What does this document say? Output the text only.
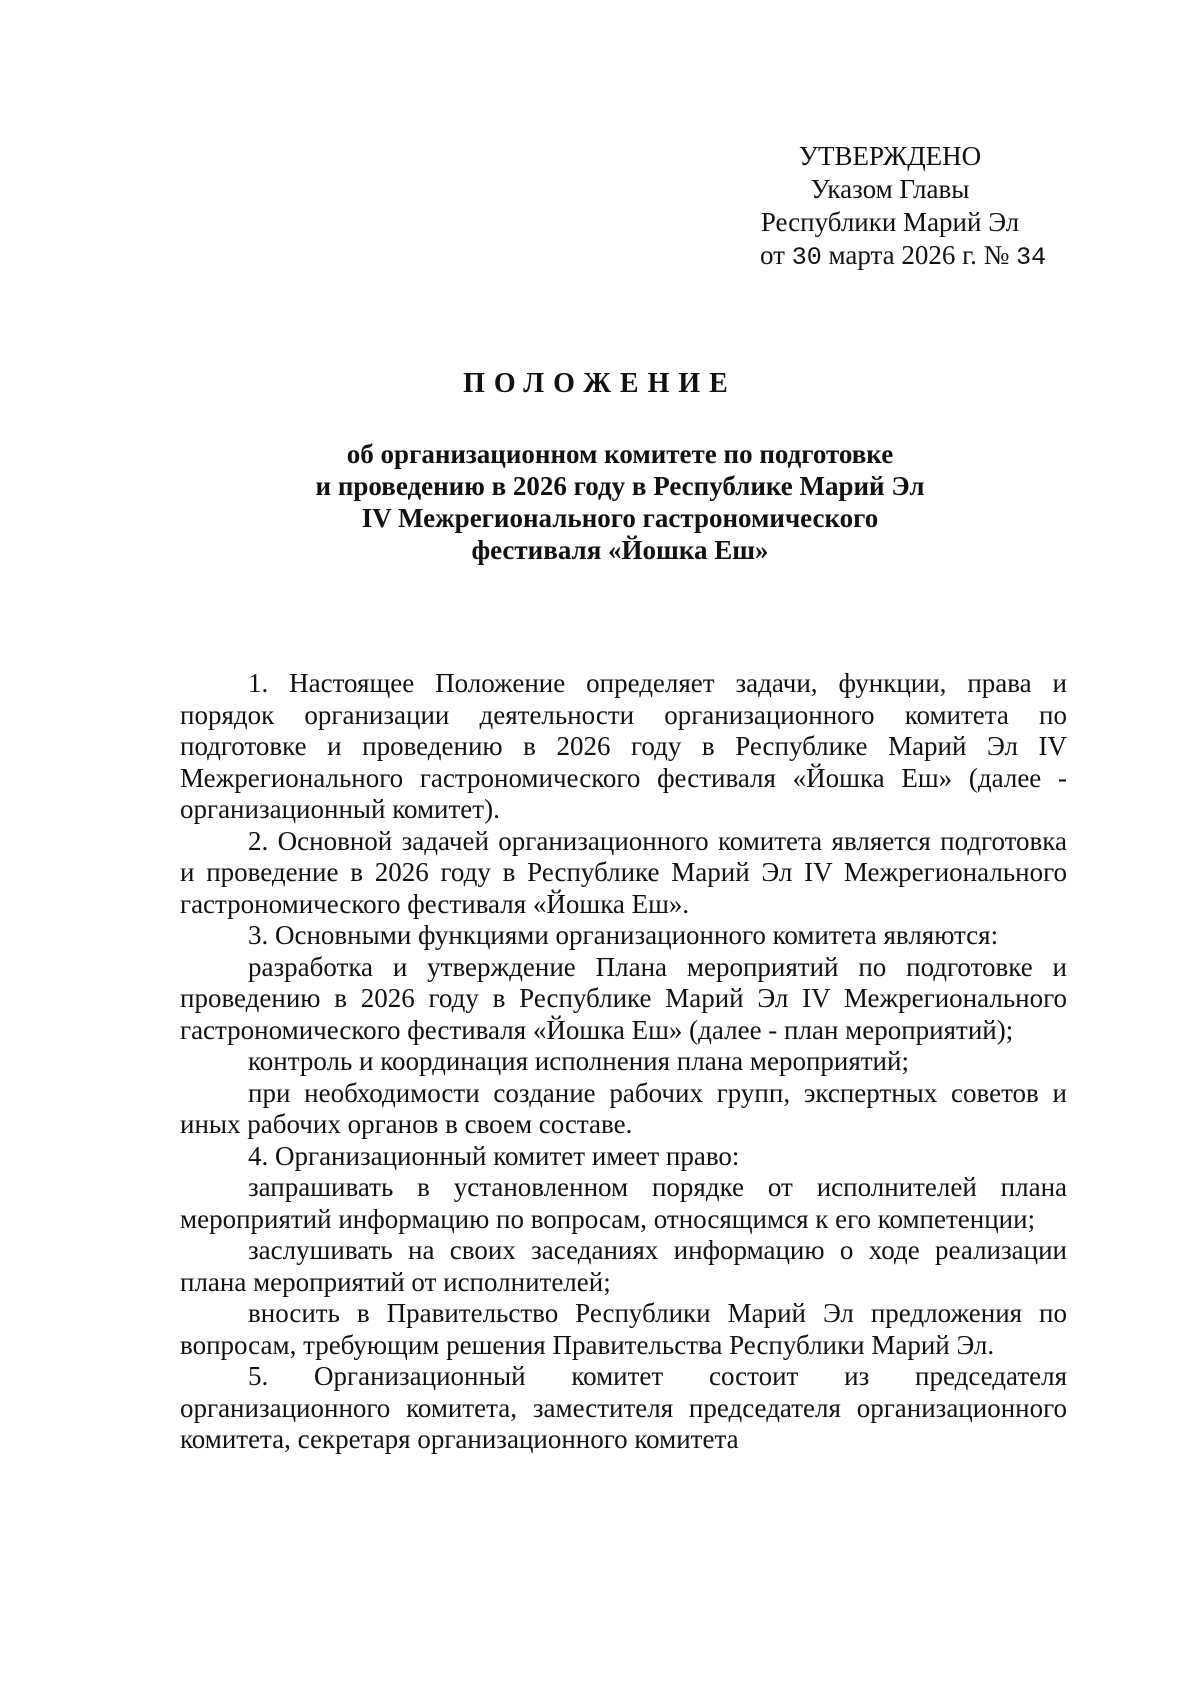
УТВЕРЖДЕНО
Указом Главы
Республики Марий Эл
от 30 марта 2026 г. № 34
ПОЛОЖЕНИЕ
об организационном комитете по подготовке
и проведению в 2026 году в Республике Марий Эл
IV Межрегионального гастрономического
фестиваля «Йошка Еш»

1. Настоящее Положение определяет задачи, функции, права и порядок организации деятельности организационного комитета по подготовке и проведению в 2026 году в Республике Марий Эл IV Межрегионального гастрономического фестиваля «Йошка Еш» (далее - организационный комитет).

2. Основной задачей организационного комитета является подготовка и проведение в 2026 году в Республике Марий Эл IV Межрегионального гастрономического фестиваля «Йошка Еш».

3. Основными функциями организационного комитета являются:

разработка и утверждение Плана мероприятий по подготовке и проведению в 2026 году в Республике Марий Эл IV Межрегионального гастрономического фестиваля «Йошка Еш» (далее - план мероприятий);

контроль и координация исполнения плана мероприятий;

при необходимости создание рабочих групп, экспертных советов и иных рабочих органов в своем составе.

4. Организационный комитет имеет право:

запрашивать в установленном порядке от исполнителей плана мероприятий информацию по вопросам, относящимся к его компетенции;

заслушивать на своих заседаниях информацию о ходе реализации плана мероприятий от исполнителей;

вносить в Правительство Республики Марий Эл предложения по вопросам, требующим решения Правительства Республики Марий Эл.

5. Организационный комитет состоит из председателя организационного комитета, заместителя председателя организационного комитета, секретаря организационного комитета
